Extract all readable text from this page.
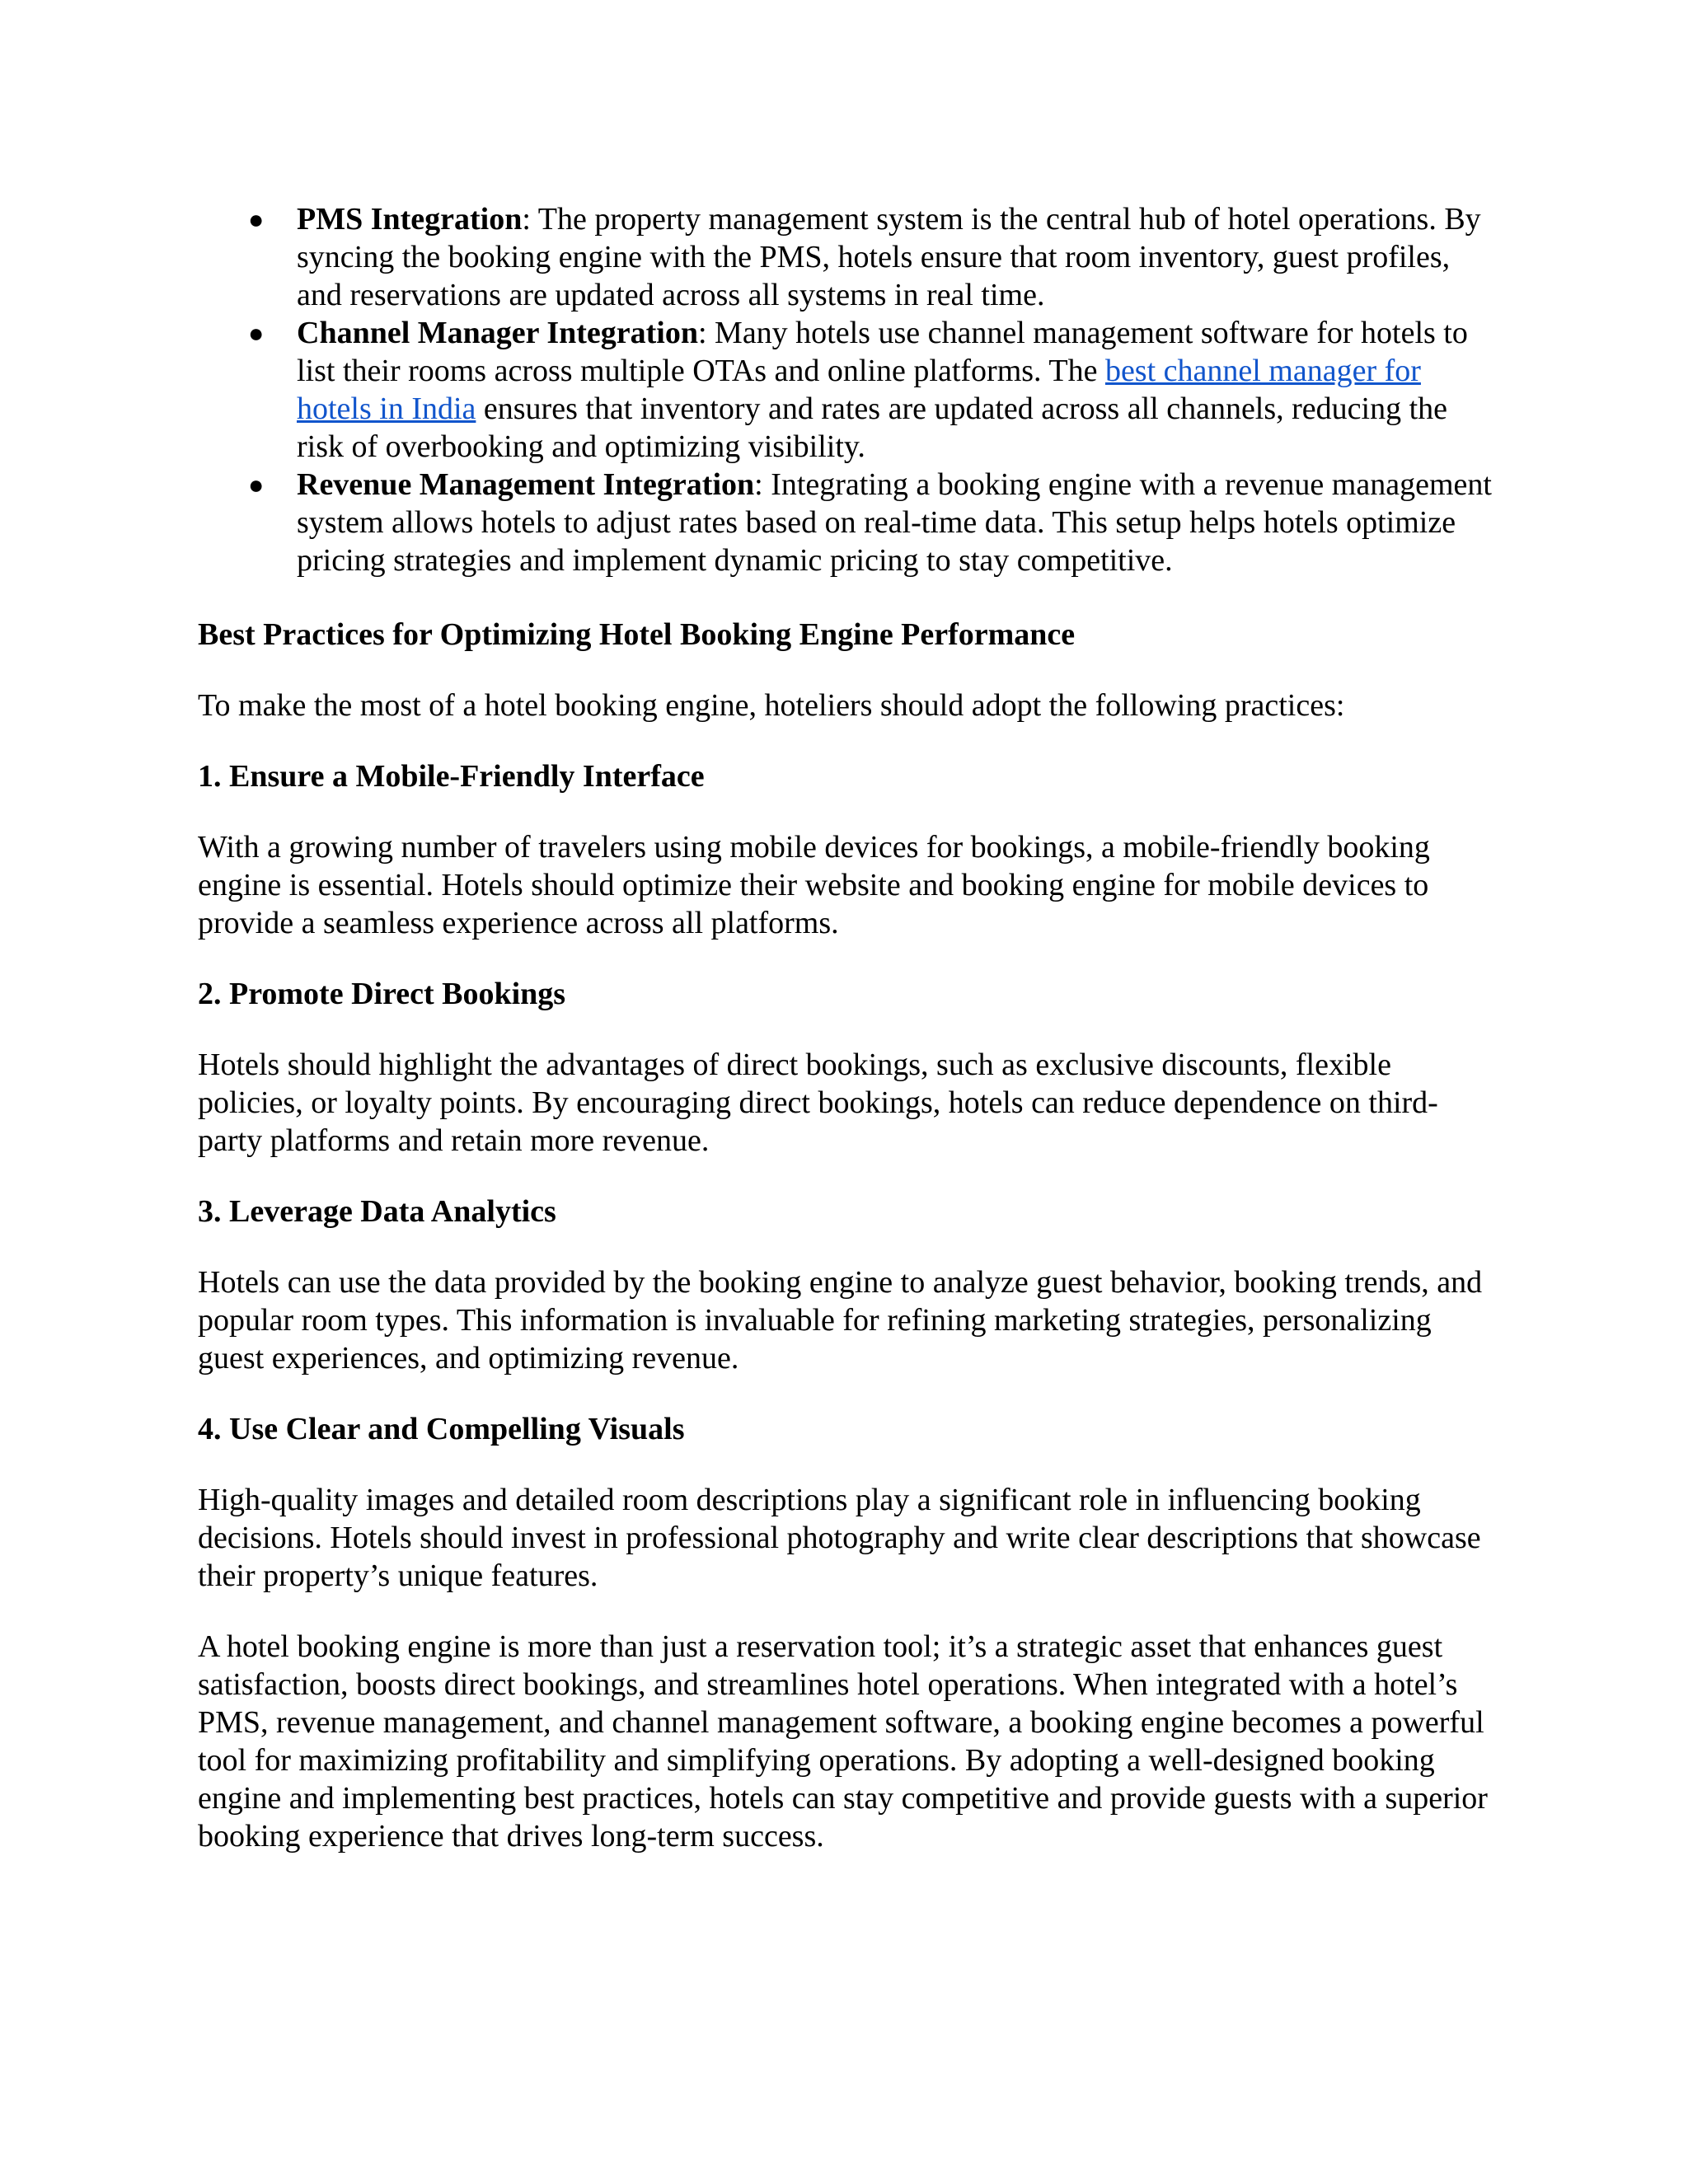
● PMS Integration: The property management system is the central hub of hotel operations. By syncing the booking engine with the PMS, hotels ensure that room inventory, guest profiles, and reservations are updated across all systems in real time.
● Channel Manager Integration: Many hotels use channel management software for hotels to list their rooms across multiple OTAs and online platforms. The best channel manager for hotels in India ensures that inventory and rates are updated across all channels, reducing the risk of overbooking and optimizing visibility.
● Revenue Management Integration: Integrating a booking engine with a revenue management system allows hotels to adjust rates based on real-time data. This setup helps hotels optimize pricing strategies and implement dynamic pricing to stay competitive.

Best Practices for Optimizing Hotel Booking Engine Performance

To make the most of a hotel booking engine, hoteliers should adopt the following practices:

1. Ensure a Mobile-Friendly Interface

With a growing number of travelers using mobile devices for bookings, a mobile-friendly booking engine is essential. Hotels should optimize their website and booking engine for mobile devices to provide a seamless experience across all platforms.

2. Promote Direct Bookings

Hotels should highlight the advantages of direct bookings, such as exclusive discounts, flexible policies, or loyalty points. By encouraging direct bookings, hotels can reduce dependence on third-party platforms and retain more revenue.

3. Leverage Data Analytics

Hotels can use the data provided by the booking engine to analyze guest behavior, booking trends, and popular room types. This information is invaluable for refining marketing strategies, personalizing guest experiences, and optimizing revenue.

4. Use Clear and Compelling Visuals

High-quality images and detailed room descriptions play a significant role in influencing booking decisions. Hotels should invest in professional photography and write clear descriptions that showcase their property’s unique features.

A hotel booking engine is more than just a reservation tool; it’s a strategic asset that enhances guest satisfaction, boosts direct bookings, and streamlines hotel operations. When integrated with a hotel’s PMS, revenue management, and channel management software, a booking engine becomes a powerful tool for maximizing profitability and simplifying operations. By adopting a well-designed booking engine and implementing best practices, hotels can stay competitive and provide guests with a superior booking experience that drives long-term success.
